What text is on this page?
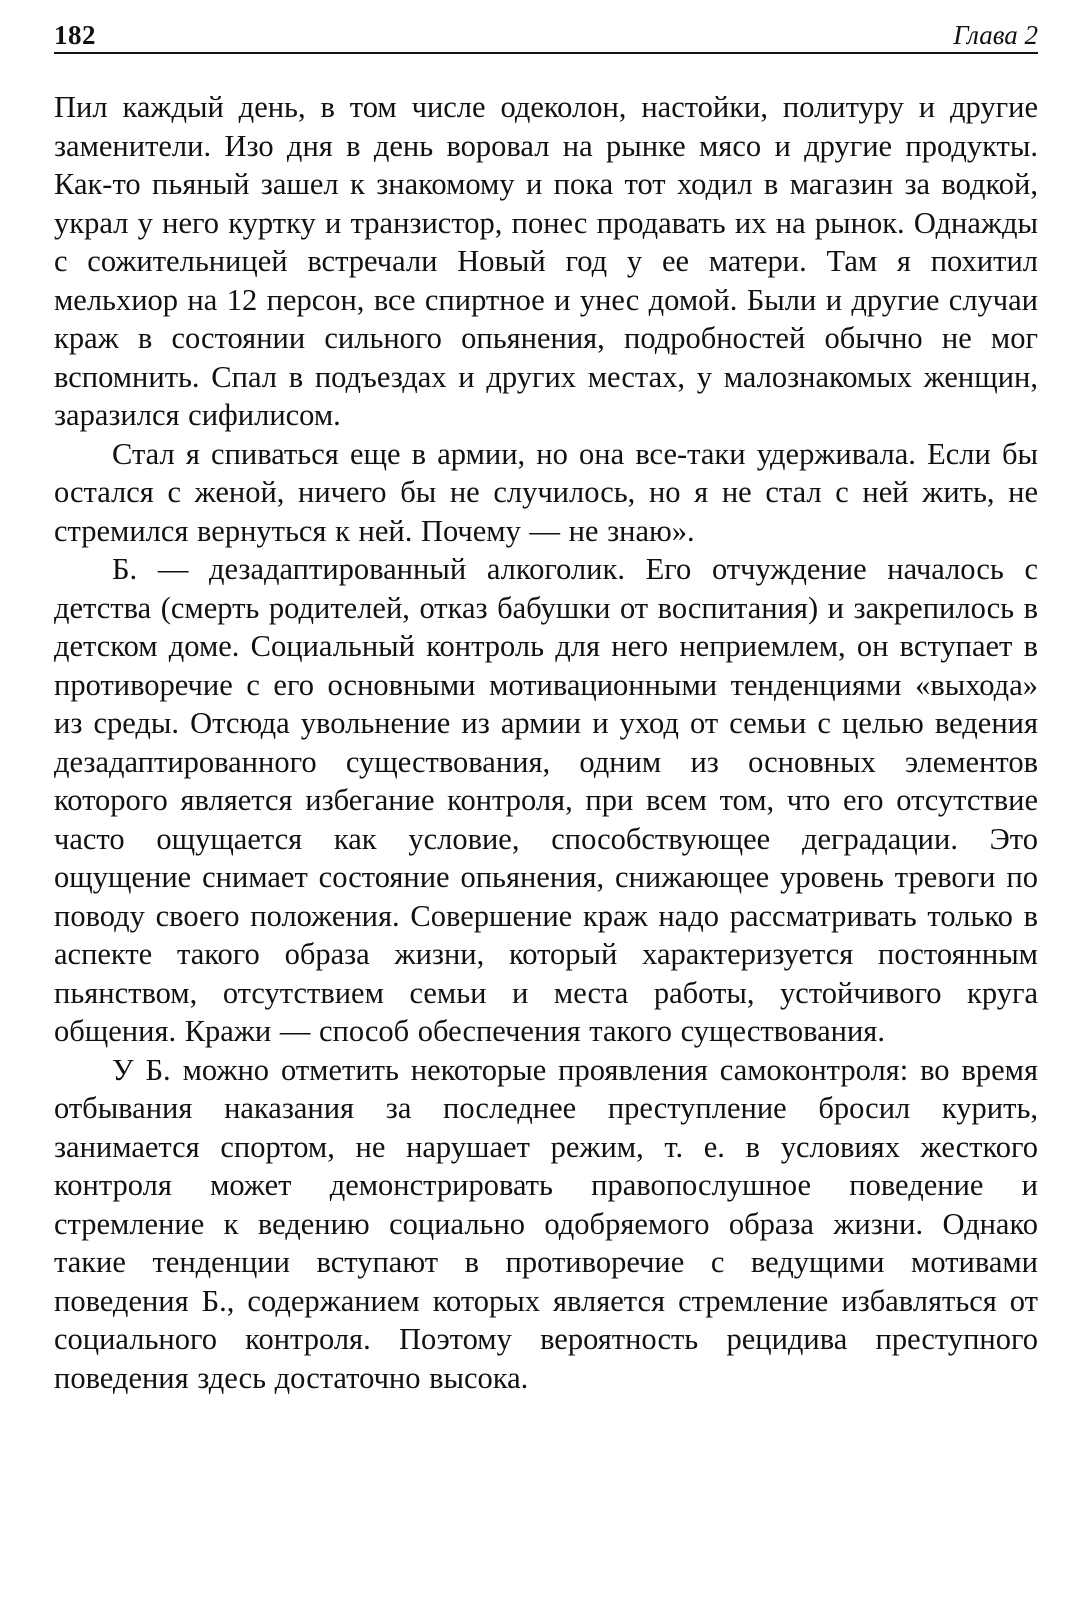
182	Глава 2

Пил каждый день, в том числе одеколон, настойки, политуру и другие заменители. Изо дня в день воровал на рынке мясо и другие продукты. Как-то пьяный зашел к знакомому и пока тот ходил в магазин за водкой, украл у него куртку и транзистор, понес продавать их на рынок. Однажды с сожительницей встречали Новый год у ее матери. Там я похитил мельхиор на 12 персон, все спиртное и унес домой. Были и другие случаи краж в состоянии сильного опьянения, подробностей обычно не мог вспомнить. Спал в подъездах и других местах, у малознакомых женщин, заразился сифилисом.

Стал я спиваться еще в армии, но она все-таки удерживала. Если бы остался с женой, ничего бы не случилось, но я не стал с ней жить, не стремился вернуться к ней. Почему — не знаю».

Б. — дезадаптированный алкоголик. Его отчуждение началось с детства (смерть родителей, отказ бабушки от воспитания) и закрепилось в детском доме. Социальный контроль для него неприемлем, он вступает в противоречие с его основными мотивационными тенденциями «выхода» из среды. Отсюда увольнение из армии и уход от семьи с целью ведения дезадаптированного существования, одним из основных элементов которого является избегание контроля, при всем том, что его отсутствие часто ощущается как условие, способствующее деградации. Это ощущение снимает состояние опьянения, снижающее уровень тревоги по поводу своего положения. Совершение краж надо рассматривать только в аспекте такого образа жизни, который характеризуется постоянным пьянством, отсутствием семьи и места работы, устойчивого круга общения. Кражи — способ обеспечения такого существования.

У Б. можно отметить некоторые проявления самоконтроля: во время отбывания наказания за последнее преступление бросил курить, занимается спортом, не нарушает режим, т. е. в условиях жесткого контроля может демонстрировать правопослушное поведение и стремление к ведению социально одобряемого образа жизни. Однако такие тенденции вступают в противоречие с ведущими мотивами поведения Б., содержанием которых является стремление избавляться от социального контроля. Поэтому вероятность рецидива преступного поведения здесь достаточно высока.
